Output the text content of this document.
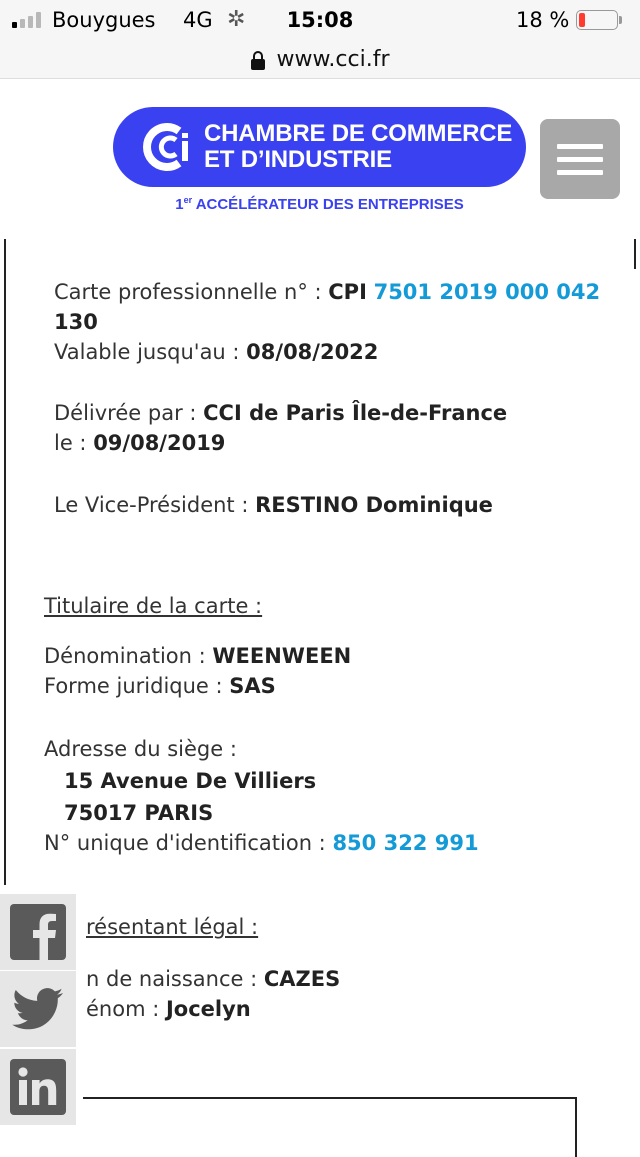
Bouygues 4G ✲	15:08	18 %
www.cci.fr
CHAMBRE DE COMMERCE
ET D’INDUSTRIE
1er ACCÉLÉRATEUR DES ENTREPRISES
Carte professionnelle n° : CPI 7501 2019 000 042
130
Valable jusqu'au : 08/08/2022
Délivrée par : CCI de Paris Île-de-France
le : 09/08/2019
Le Vice-Président : RESTINO Dominique
Titulaire de la carte :
Dénomination : WEENWEEN
Forme juridique : SAS
Adresse du siège :
15 Avenue De Villiers
75017 PARIS
N° unique d'identification : 850 322 991
résentant légal :
n de naissance : CAZES
énom : Jocelyn
